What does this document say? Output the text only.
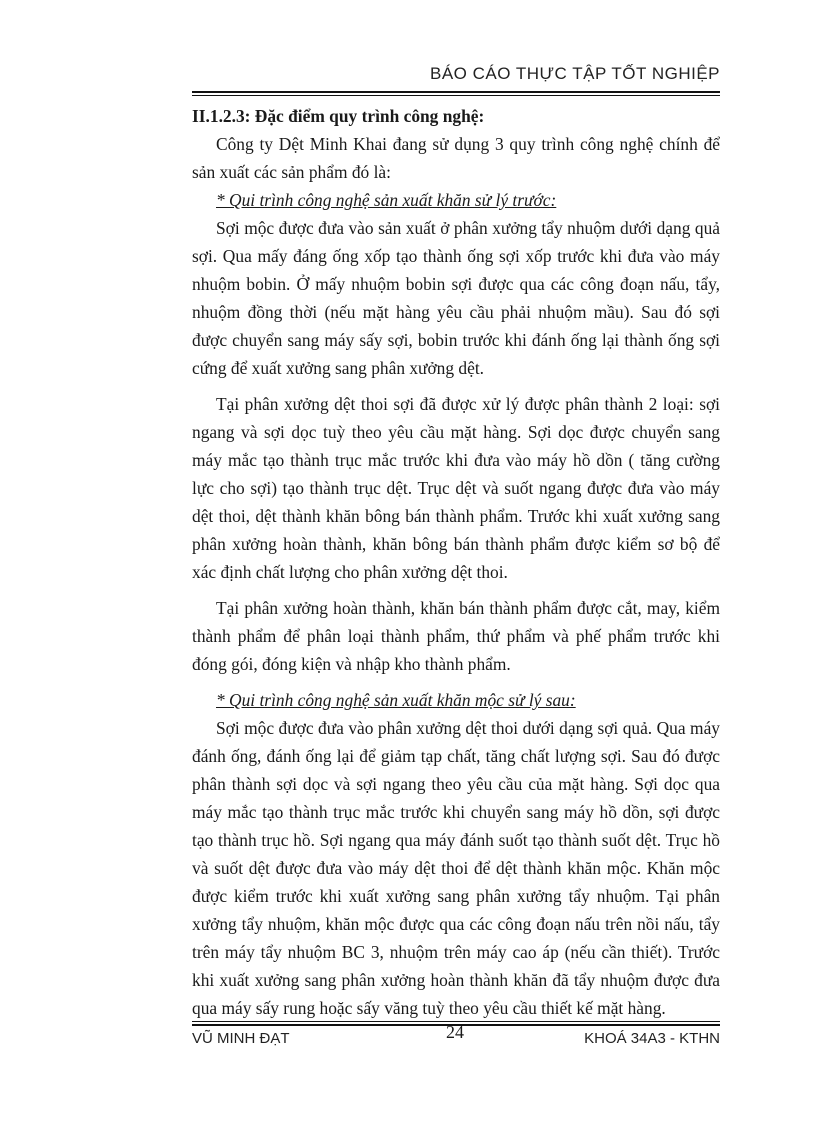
BÁO CÁO THỰC TẬP TỐT NGHIỆP

II.1.2.3: Đặc điểm quy trình công nghệ:

Công ty Dệt Minh Khai đang sử dụng 3 quy trình công nghệ chính để sản xuất các sản phẩm đó là:

* Qui trình công nghệ sản xuất khăn sử lý trước:

Sợi mộc được đưa vào sản xuất ở phân xưởng tẩy nhuộm dưới dạng quả sợi. Qua mấy đáng ống xốp tạo thành ống sợi xốp trước khi đưa vào máy nhuộm bobin. Ở mấy nhuộm bobin sợi được qua các công đoạn nấu, tẩy, nhuộm đồng thời (nếu mặt hàng yêu cầu phải nhuộm mầu). Sau đó sợi được chuyển sang máy sấy sợi, bobin trước khi đánh ống lại thành ống sợi cứng để xuất xưởng sang phân xưởng dệt.

Tại phân xưởng dệt thoi sợi đã được xử lý được phân thành 2 loại: sợi ngang và sợi dọc tuỳ theo yêu cầu mặt hàng. Sợi dọc được chuyển sang máy mắc tạo thành trục mắc trước khi đưa vào máy hồ dồn ( tăng cường lực cho sợi) tạo thành trục dệt. Trục dệt và suốt ngang được đưa vào máy dệt thoi, dệt thành khăn bông bán thành phẩm. Trước khi xuất xưởng sang phân xưởng hoàn thành, khăn bông bán thành phẩm được kiểm sơ bộ để xác định chất lượng cho phân xưởng dệt thoi.

Tại phân xưởng hoàn thành, khăn bán thành phẩm được cắt, may, kiểm thành phẩm để phân loại thành phẩm, thứ phẩm và phế phẩm trước khi đóng gói, đóng kiện và nhập kho thành phẩm.

* Qui trình công nghệ sản xuất khăn mộc sử lý sau:

Sợi mộc được đưa vào phân xưởng dệt thoi dưới dạng sợi quả. Qua máy đánh ống, đánh ống lại để giảm tạp chất, tăng chất lượng sợi. Sau đó được phân thành sợi dọc và sợi ngang theo yêu cầu của mặt hàng. Sợi dọc qua máy mắc tạo thành trục mắc trước khi chuyển sang máy hồ dồn, sợi được tạo thành trục hồ. Sợi ngang qua máy đánh suốt tạo thành suốt dệt. Trục hồ và suốt dệt được đưa vào máy dệt thoi để dệt thành khăn mộc. Khăn mộc được kiểm trước khi xuất xưởng sang phân xưởng tẩy nhuộm. Tại phân xưởng tẩy nhuộm, khăn mộc được qua các công đoạn nấu trên nồi nấu, tẩy trên máy tẩy nhuộm BC 3, nhuộm trên máy cao áp (nếu cần thiết). Trước khi xuất xưởng sang phân xưởng hoàn thành khăn đã tẩy nhuộm được đưa qua máy sấy rung hoặc sấy văng tuỳ theo yêu cầu thiết kế mặt hàng.

VŨ MINH ĐẠT	24	KHOÁ 34A3 - KTHN
